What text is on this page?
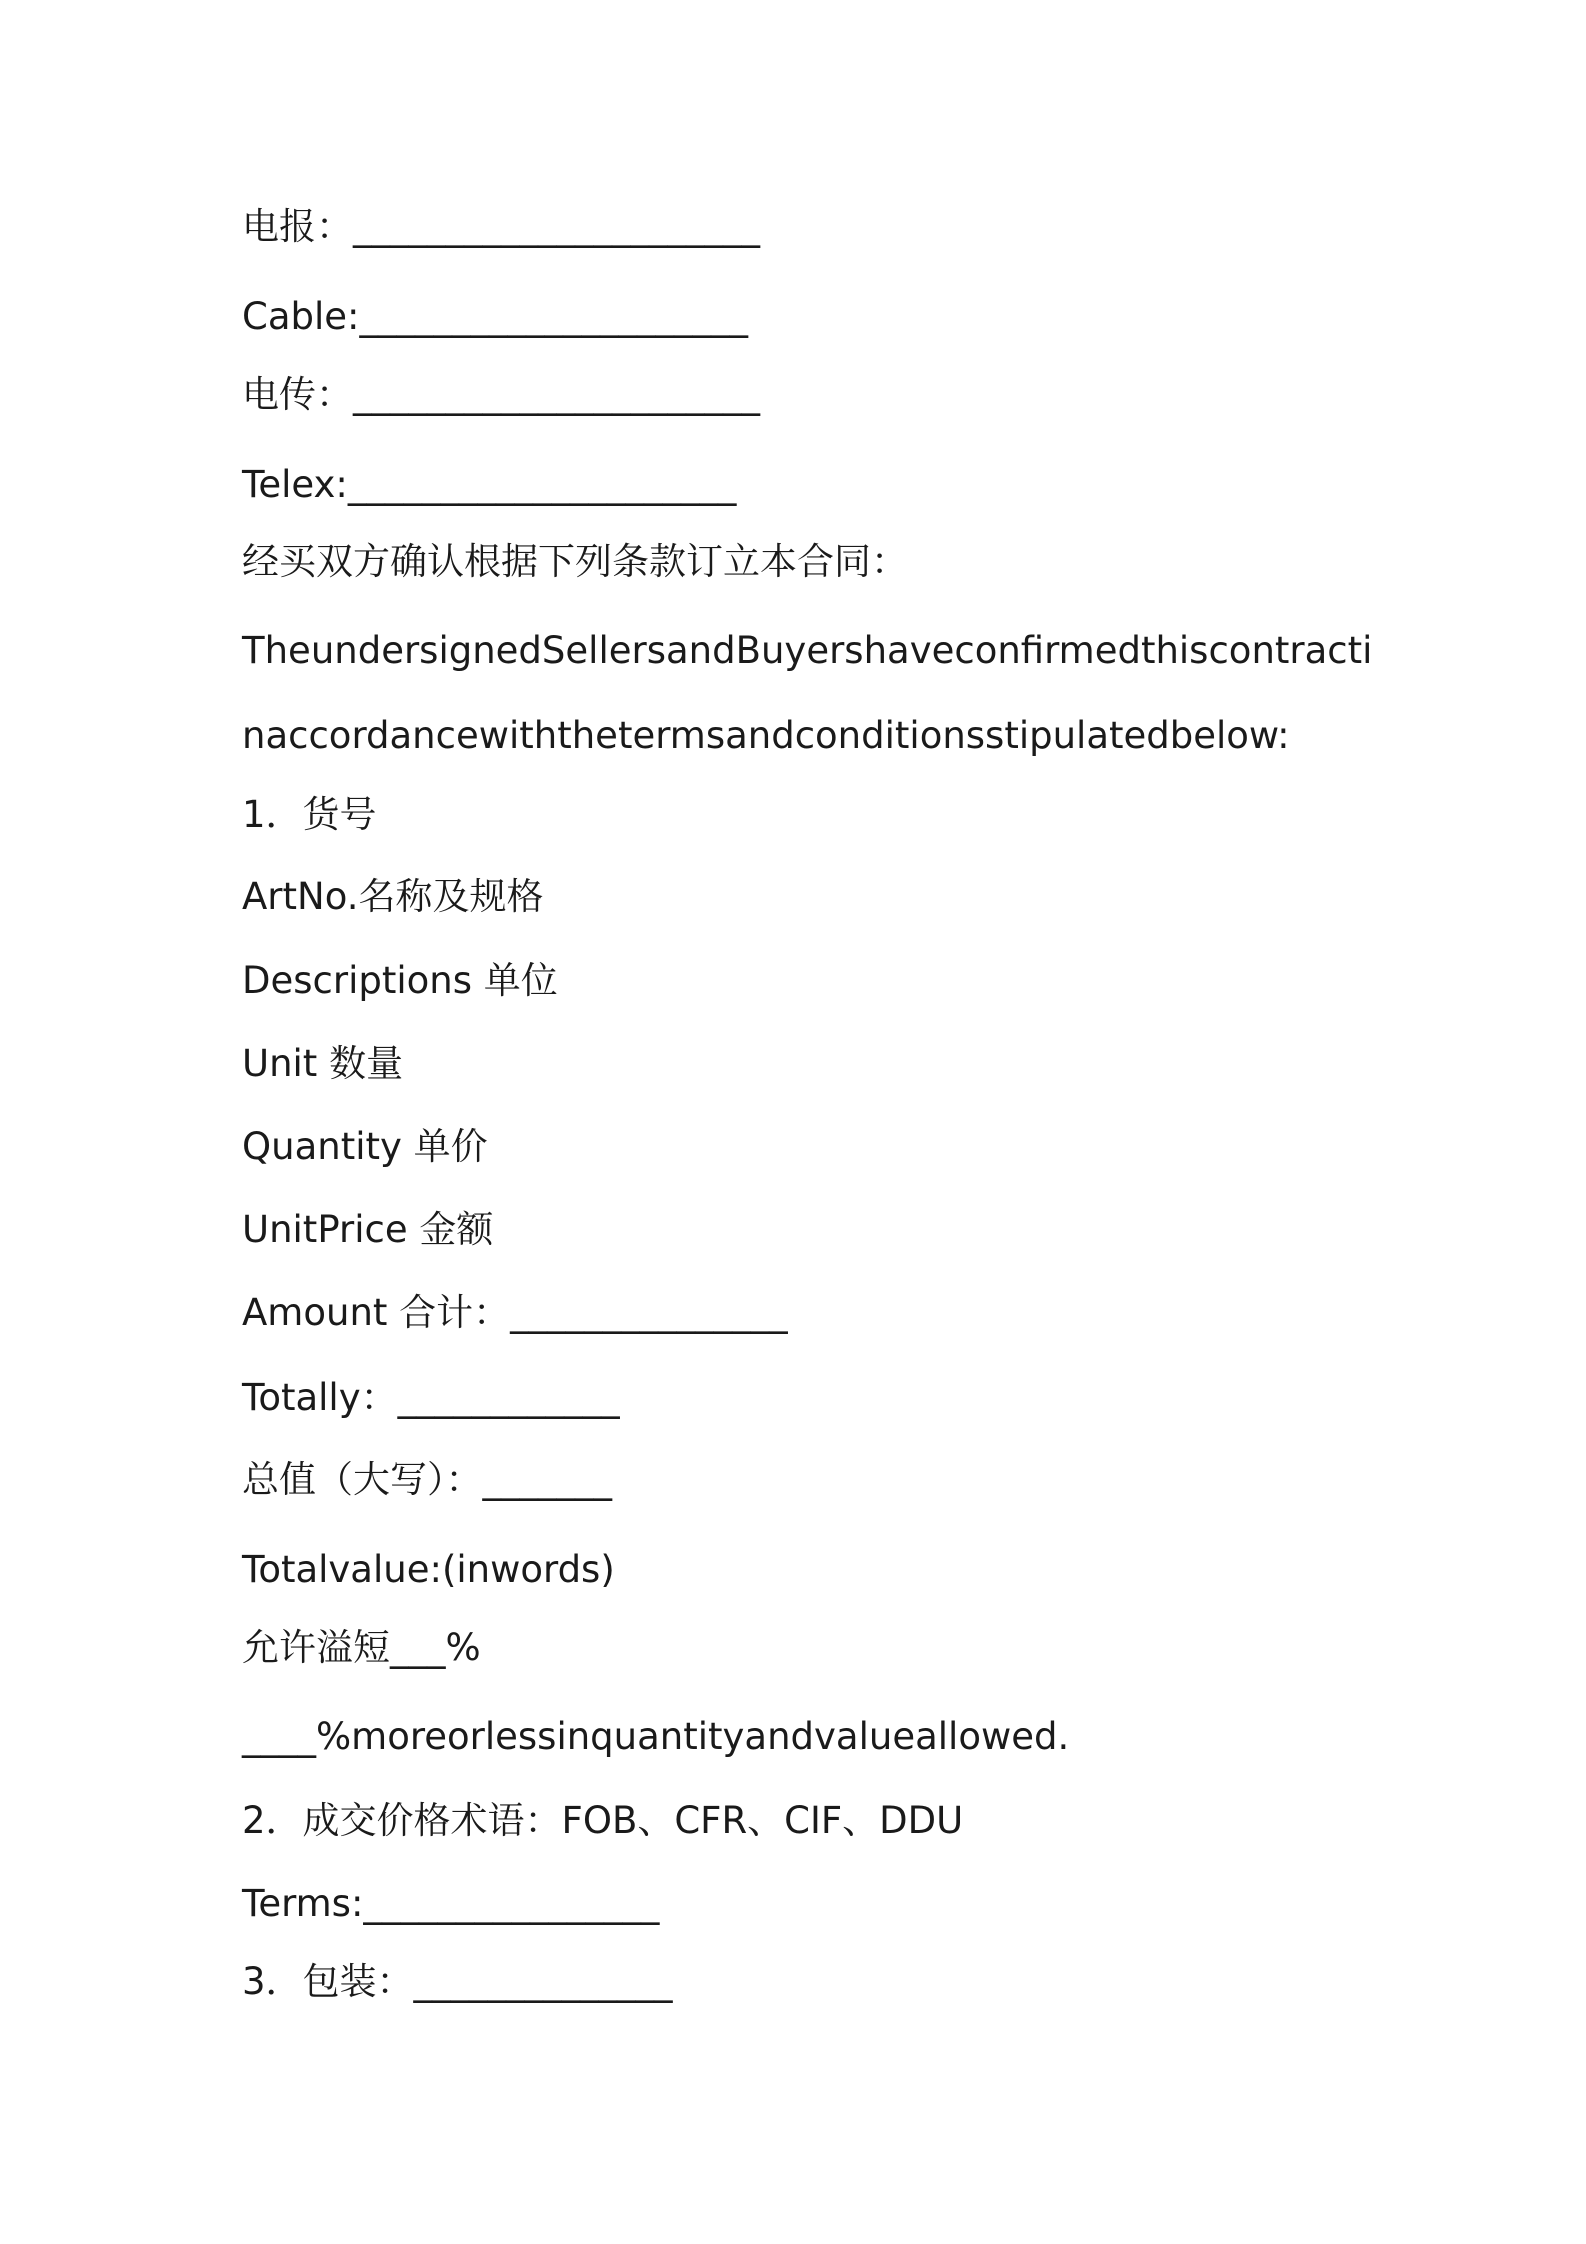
电报：______________________
Cable:_____________________
电传：______________________
Telex:_____________________
经买双方确认根据下列条款订立本合同：
TheundersignedSellersandBuyershaveconfirmedthiscontracti
naccordancewiththetermsandconditionsstipulatedbelow:
1．货号
ArtNo.名称及规格
Descriptions 单位
Unit 数量
Quantity 单价
UnitPrice 金额
Amount 合计：_______________
Totally：____________
总值（大写）：_______
Totalvalue:(inwords)
允许溢短___%
____%moreorlessinquantityandvalueallowed.
2．成交价格术语：FOB、CFR、CIF、DDU
Terms:________________
3．包装：______________
